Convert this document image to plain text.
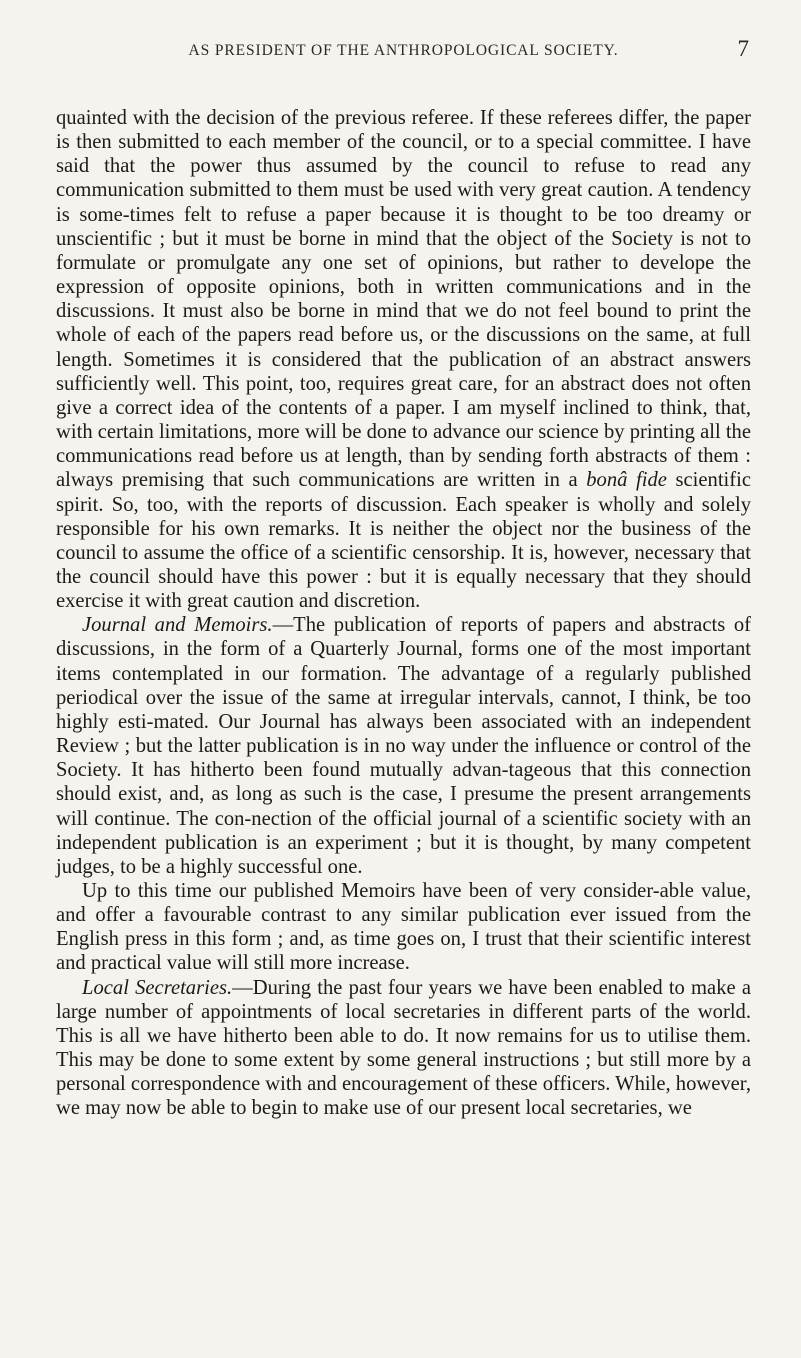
AS PRESIDENT OF THE ANTHROPOLOGICAL SOCIETY.	7

quainted with the decision of the previous referee. If these referees differ, the paper is then submitted to each member of the council, or to a special committee. I have said that the power thus assumed by the council to refuse to read any communication submitted to them must be used with very great caution. A tendency is some-times felt to refuse a paper because it is thought to be too dreamy or unscientific ; but it must be borne in mind that the object of the Society is not to formulate or promulgate any one set of opinions, but rather to develope the expression of opposite opinions, both in written communications and in the discussions. It must also be borne in mind that we do not feel bound to print the whole of each of the papers read before us, or the discussions on the same, at full length. Sometimes it is considered that the publication of an abstract answers sufficiently well. This point, too, requires great care, for an abstract does not often give a correct idea of the contents of a paper. I am myself inclined to think, that, with certain limitations, more will be done to advance our science by printing all the communications read before us at length, than by sending forth abstracts of them : always premising that such communications are written in a bonâ fide scientific spirit. So, too, with the reports of discussion. Each speaker is wholly and solely responsible for his own remarks. It is neither the object nor the business of the council to assume the office of a scientific censorship. It is, however, necessary that the council should have this power : but it is equally necessary that they should exercise it with great caution and discretion.

Journal and Memoirs.—The publication of reports of papers and abstracts of discussions, in the form of a Quarterly Journal, forms one of the most important items contemplated in our formation. The advantage of a regularly published periodical over the issue of the same at irregular intervals, cannot, I think, be too highly esti-mated. Our Journal has always been associated with an independent Review ; but the latter publication is in no way under the influence or control of the Society. It has hitherto been found mutually advan-tageous that this connection should exist, and, as long as such is the case, I presume the present arrangements will continue. The con-nection of the official journal of a scientific society with an independent publication is an experiment ; but it is thought, by many competent judges, to be a highly successful one.

Up to this time our published Memoirs have been of very consider-able value, and offer a favourable contrast to any similar publication ever issued from the English press in this form ; and, as time goes on, I trust that their scientific interest and practical value will still more increase.

Local Secretaries.—During the past four years we have been enabled to make a large number of appointments of local secretaries in different parts of the world. This is all we have hitherto been able to do. It now remains for us to utilise them. This may be done to some extent by some general instructions ; but still more by a personal correspondence with and encouragement of these officers. While, however, we may now be able to begin to make use of our present local secretaries, we
